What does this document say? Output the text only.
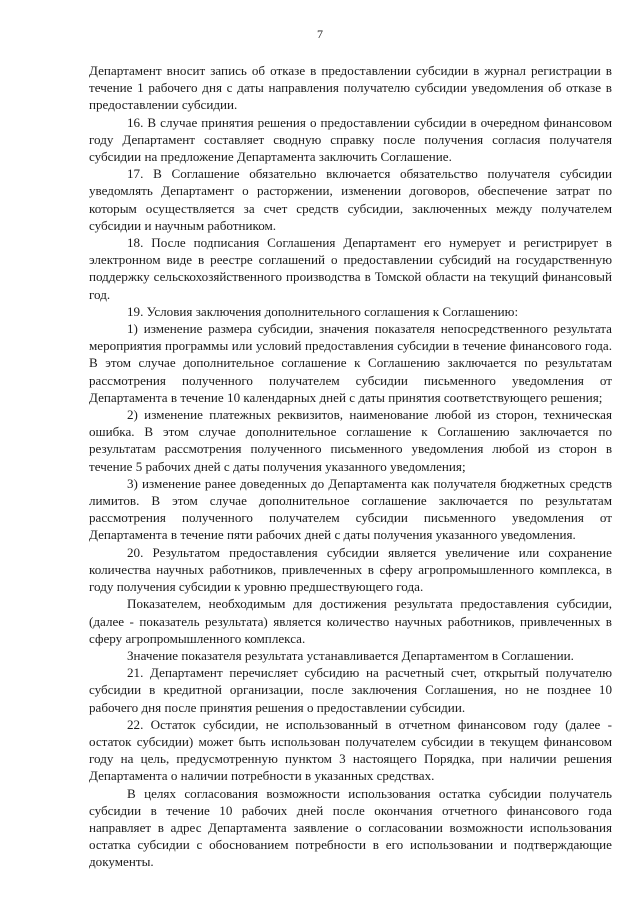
7

Департамент вносит запись об отказе в предоставлении субсидии в журнал регистрации в течение 1 рабочего дня с даты направления получателю субсидии уведомления об отказе в предоставлении субсидии.

16. В случае принятия решения о предоставлении субсидии в очередном финансовом году Департамент составляет сводную справку после получения согласия получателя субсидии на предложение Департамента заключить Соглашение.

17. В Соглашение обязательно включается обязательство получателя субсидии уведомлять Департамент о расторжении, изменении договоров, обеспечение затрат по которым осуществляется за счет средств субсидии, заключенных между получателем субсидии и научным работником.

18. После подписания Соглашения Департамент его нумерует и регистрирует в электронном виде в реестре соглашений о предоставлении субсидий на государственную поддержку сельскохозяйственного производства в Томской области на текущий финансовый год.

19. Условия заключения дополнительного соглашения к Соглашению:

1) изменение размера субсидии, значения показателя непосредственного результата мероприятия программы или условий предоставления субсидии в течение финансового года. В этом случае дополнительное соглашение к Соглашению заключается по результатам рассмотрения полученного получателем субсидии письменного уведомления от Департамента в течение 10 календарных дней с даты принятия соответствующего решения;

2) изменение платежных реквизитов, наименование любой из сторон, техническая ошибка. В этом случае дополнительное соглашение к Соглашению заключается по результатам рассмотрения полученного письменного уведомления любой из сторон в течение 5 рабочих дней с даты получения указанного уведомления;

3) изменение ранее доведенных до Департамента как получателя бюджетных средств лимитов. В этом случае дополнительное соглашение заключается по результатам рассмотрения полученного получателем субсидии письменного уведомления от Департамента в течение пяти рабочих дней с даты получения указанного уведомления.

20. Результатом предоставления субсидии является увеличение или сохранение количества научных работников, привлеченных в сферу агропромышленного комплекса, в году получения субсидии к уровню предшествующего года.

Показателем, необходимым для достижения результата предоставления субсидии, (далее - показатель результата) является количество научных работников, привлеченных в сферу агропромышленного комплекса.

Значение показателя результата устанавливается Департаментом в Соглашении.

21. Департамент перечисляет субсидию на расчетный счет, открытый получателю субсидии в кредитной организации, после заключения Соглашения, но не позднее 10 рабочего дня после принятия решения о предоставлении субсидии.

22. Остаток субсидии, не использованный в отчетном финансовом году (далее - остаток субсидии) может быть использован получателем субсидии в текущем финансовом году на цель, предусмотренную пунктом 3 настоящего Порядка, при наличии решения Департамента о наличии потребности в указанных средствах.

В целях согласования возможности использования остатка субсидии получатель субсидии в течение 10 рабочих дней после окончания отчетного финансового года направляет в адрес Департамента заявление о согласовании возможности использования остатка субсидии с обоснованием потребности в его использовании и подтверждающие документы.
